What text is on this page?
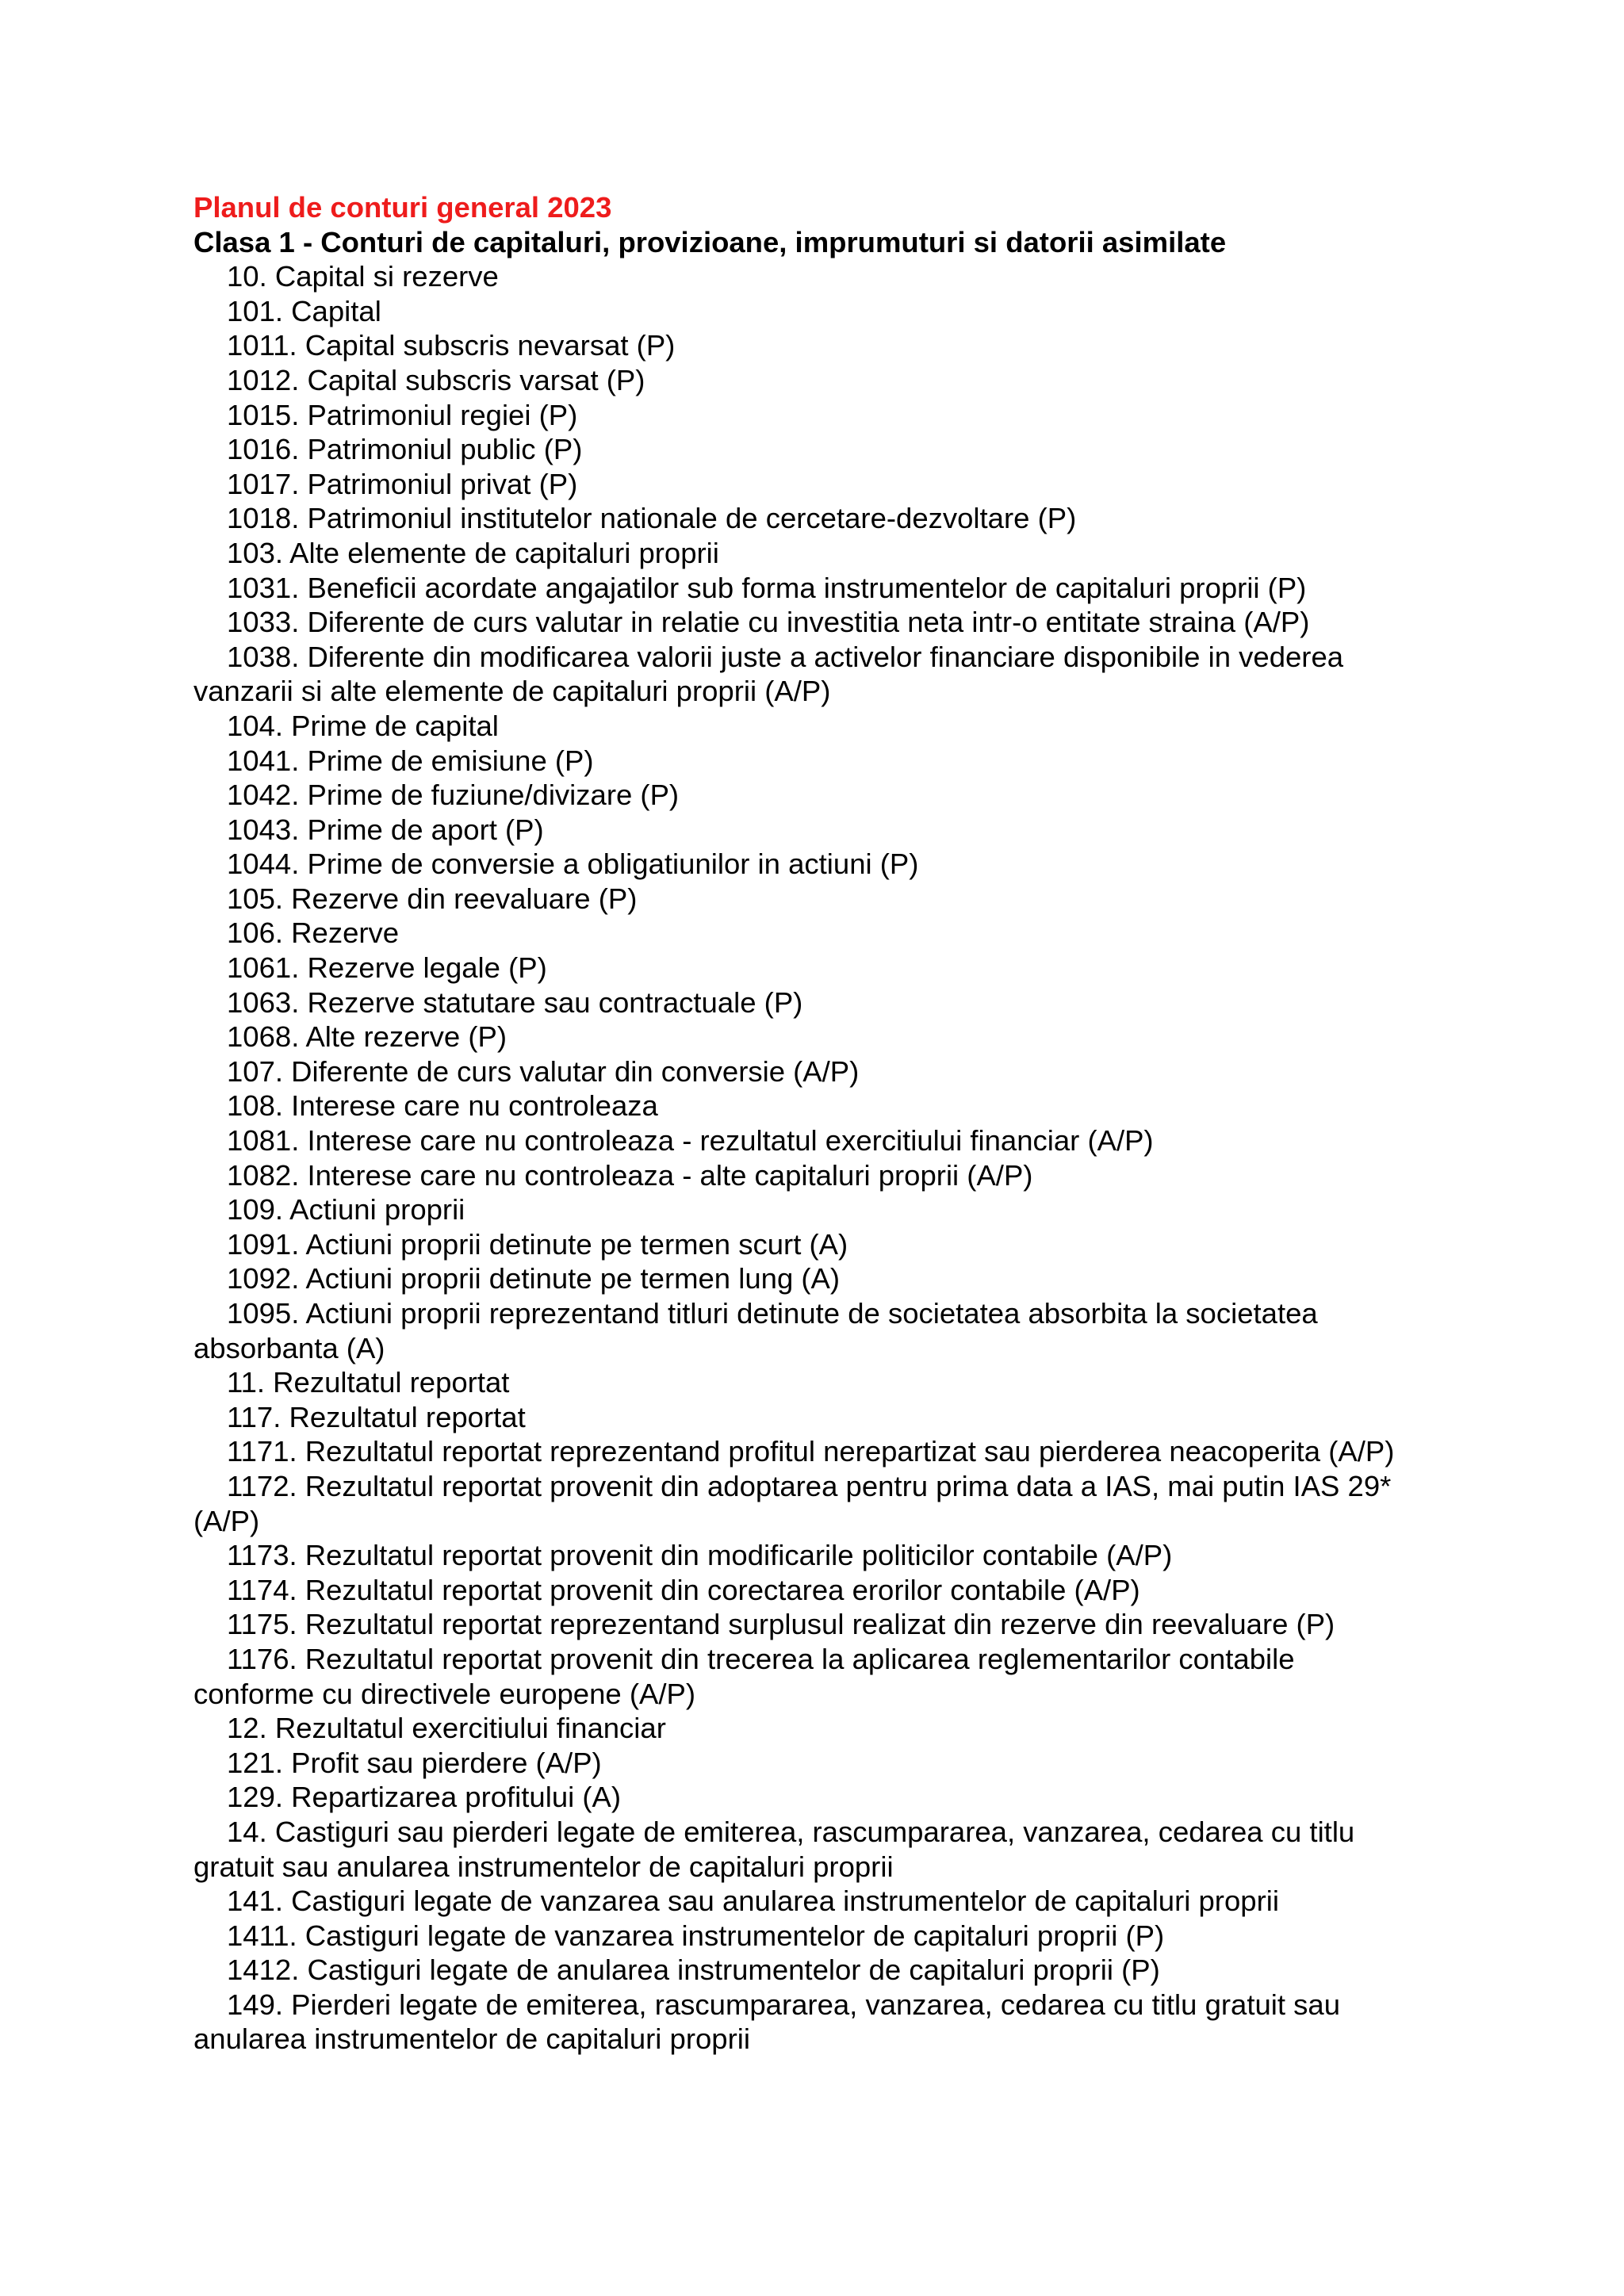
Planul de conturi general 2023
Clasa 1 - Conturi de capitaluri, provizioane, imprumuturi si datorii asimilate
10. Capital si rezerve
101. Capital
1011. Capital subscris nevarsat (P)
1012. Capital subscris varsat (P)
1015. Patrimoniul regiei (P)
1016. Patrimoniul public (P)
1017. Patrimoniul privat (P)
1018. Patrimoniul institutelor nationale de cercetare-dezvoltare (P)
103. Alte elemente de capitaluri proprii
1031. Beneficii acordate angajatilor sub forma instrumentelor de capitaluri proprii (P)
1033. Diferente de curs valutar in relatie cu investitia neta intr-o entitate straina (A/P)
1038. Diferente din modificarea valorii juste a activelor financiare disponibile in vederea vanzarii si alte elemente de capitaluri proprii (A/P)
104. Prime de capital
1041. Prime de emisiune (P)
1042. Prime de fuziune/divizare (P)
1043. Prime de aport (P)
1044. Prime de conversie a obligatiunilor in actiuni (P)
105. Rezerve din reevaluare (P)
106. Rezerve
1061. Rezerve legale (P)
1063. Rezerve statutare sau contractuale (P)
1068. Alte rezerve (P)
107. Diferente de curs valutar din conversie (A/P)
108. Interese care nu controleaza
1081. Interese care nu controleaza - rezultatul exercitiului financiar (A/P)
1082. Interese care nu controleaza - alte capitaluri proprii (A/P)
109. Actiuni proprii
1091. Actiuni proprii detinute pe termen scurt (A)
1092. Actiuni proprii detinute pe termen lung (A)
1095. Actiuni proprii reprezentand titluri detinute de societatea absorbita la societatea absorbanta (A)
11. Rezultatul reportat
117. Rezultatul reportat
1171. Rezultatul reportat reprezentand profitul nerepartizat sau pierderea neacoperita (A/P)
1172. Rezultatul reportat provenit din adoptarea pentru prima data a IAS, mai putin IAS 29* (A/P)
1173. Rezultatul reportat provenit din modificarile politicilor contabile (A/P)
1174. Rezultatul reportat provenit din corectarea erorilor contabile (A/P)
1175. Rezultatul reportat reprezentand surplusul realizat din rezerve din reevaluare (P)
1176. Rezultatul reportat provenit din trecerea la aplicarea reglementarilor contabile conforme cu directivele europene (A/P)
12. Rezultatul exercitiului financiar
121. Profit sau pierdere (A/P)
129. Repartizarea profitului (A)
14. Castiguri sau pierderi legate de emiterea, rascumpararea, vanzarea, cedarea cu titlu gratuit sau anularea instrumentelor de capitaluri proprii
141. Castiguri legate de vanzarea sau anularea instrumentelor de capitaluri proprii
1411. Castiguri legate de vanzarea instrumentelor de capitaluri proprii (P)
1412. Castiguri legate de anularea instrumentelor de capitaluri proprii (P)
149. Pierderi legate de emiterea, rascumpararea, vanzarea, cedarea cu titlu gratuit sau anularea instrumentelor de capitaluri proprii
